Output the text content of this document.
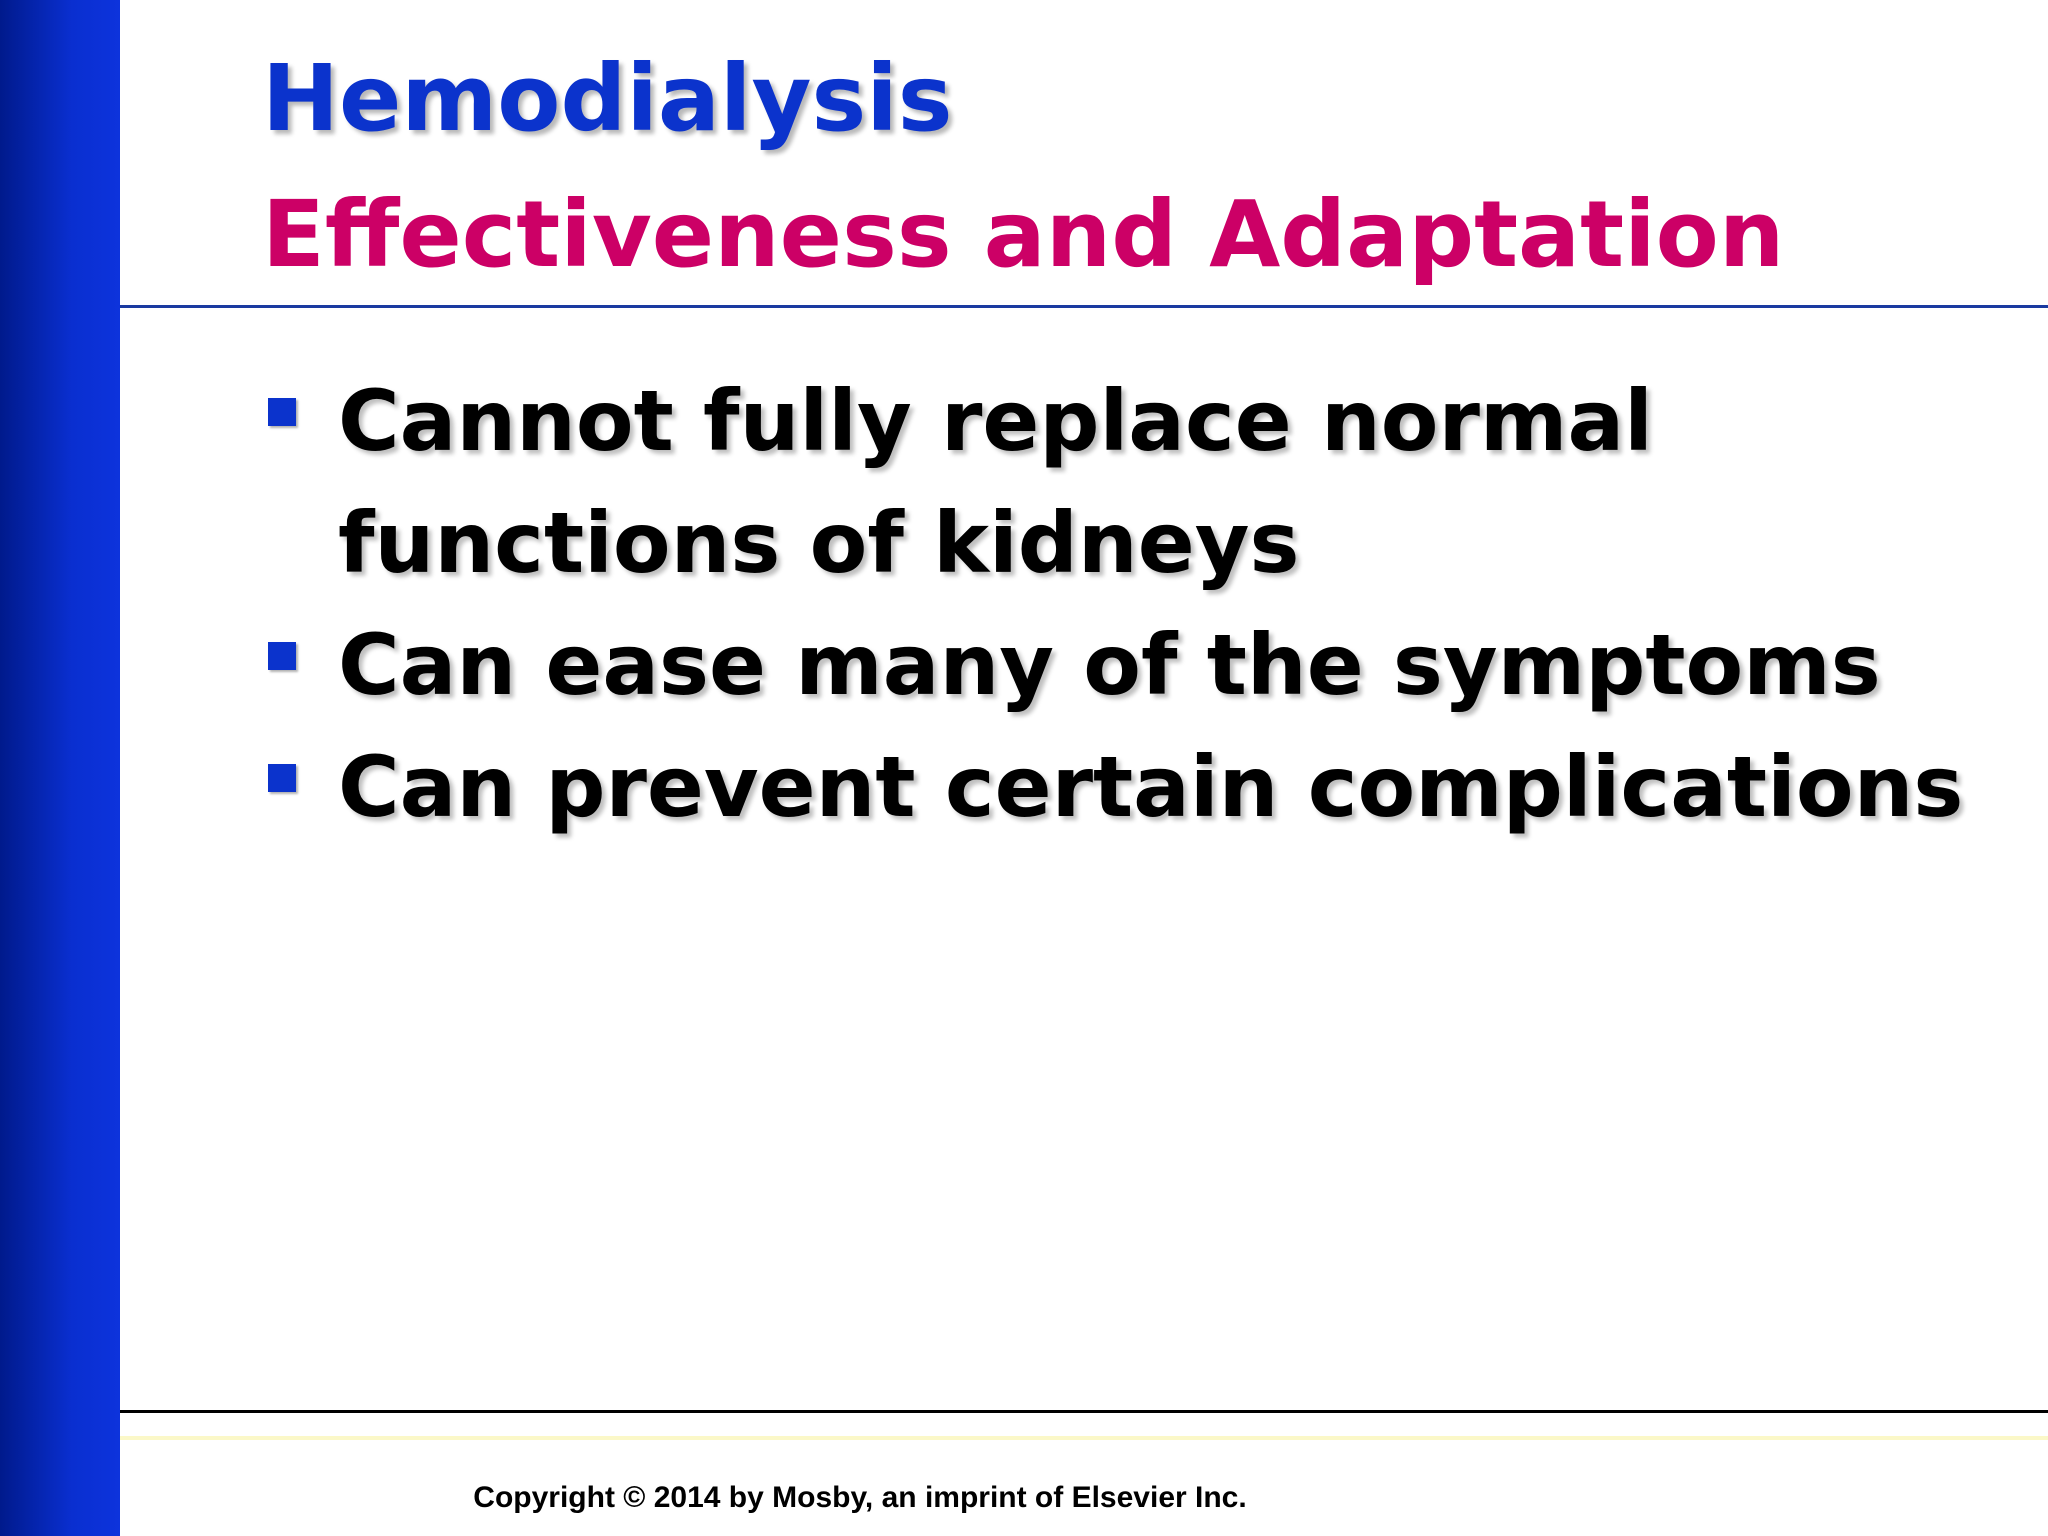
Hemodialysis
Effectiveness and Adaptation
Cannot fully replace normal functions of kidneys
Can ease many of the symptoms
Can prevent certain complications
Copyright © 2014 by Mosby, an imprint of Elsevier Inc.
